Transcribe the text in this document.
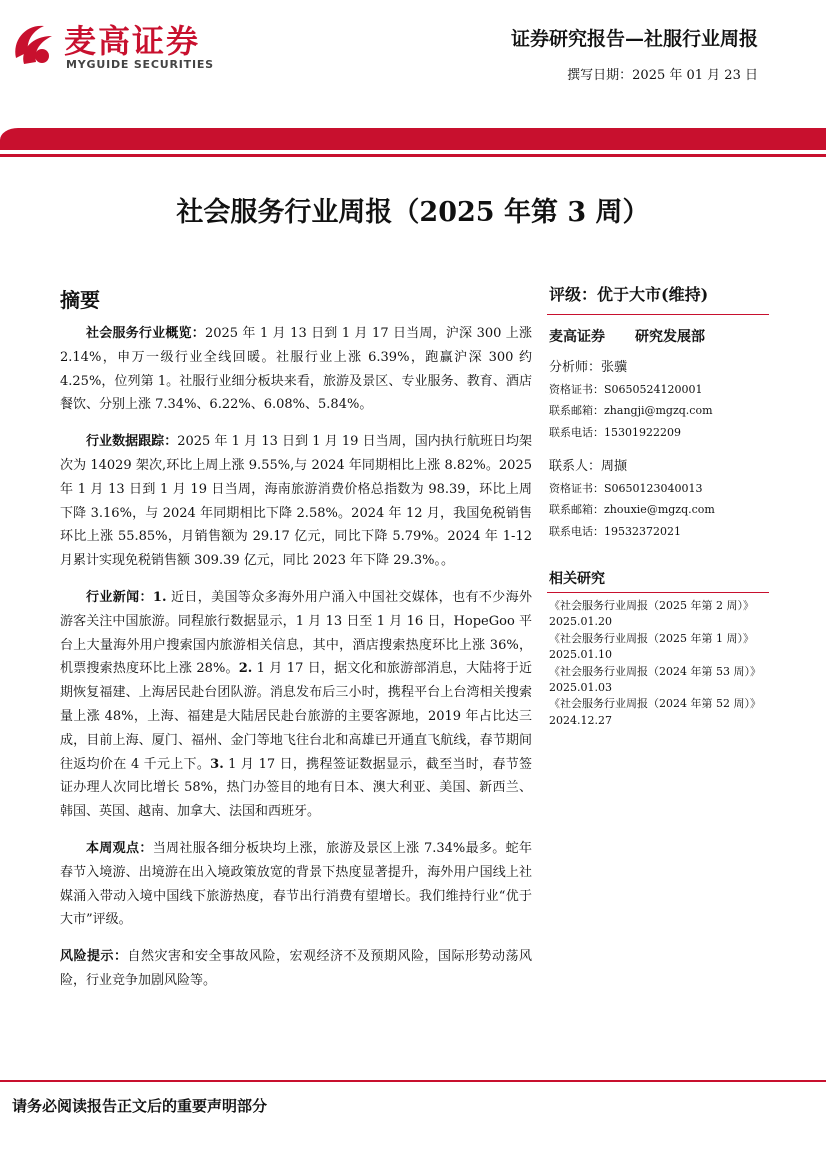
麦高证券
MYGUIDE SECURITIES
证券研究报告—社服行业周报
撰写日期：2025 年 01 月 23 日
社会服务行业周报（2025 年第 3 周）
摘要

社会服务行业概览：2025 年 1 月 13 日到 1 月 17 日当周，沪深 300 上涨 2.14%，申万一级行业全线回暖。社服行业上涨 6.39%，跑赢沪深 300 约 4.25%，位列第 1。社服行业细分板块来看，旅游及景区、专业服务、教育、酒店餐饮、分别上涨 7.34%、6.22%、6.08%、5.84%。

行业数据跟踪：2025 年 1 月 13 日到 1 月 19 日当周，国内执行航班日均架次为 14029 架次,环比上周上涨 9.55%,与 2024 年同期相比上涨 8.82%。2025 年 1 月 13 日到 1 月 19 日当周，海南旅游消费价格总指数为 98.39，环比上周下降 3.16%，与 2024 年同期相比下降 2.58%。2024 年 12 月，我国免税销售环比上涨 55.85%，月销售额为 29.17 亿元，同比下降 5.79%。2024 年 1-12 月累计实现免税销售额 309.39 亿元，同比 2023 年下降 29.3%。。

行业新闻：1. 近日，美国等众多海外用户涌入中国社交媒体，也有不少海外游客关注中国旅游。同程旅行数据显示，1 月 13 日至 1 月 16 日，HopeGoo 平台上大量海外用户搜索国内旅游相关信息，其中，酒店搜索热度环比上涨 36%，机票搜索热度环比上涨 28%。2. 1 月 17 日，据文化和旅游部消息，大陆将于近期恢复福建、上海居民赴台团队游。消息发布后三小时，携程平台上台湾相关搜索量上涨 48%，上海、福建是大陆居民赴台旅游的主要客源地，2019 年占比达三成，目前上海、厦门、福州、金门等地飞往台北和高雄已开通直飞航线，春节期间往返均价在 4 千元上下。3. 1 月 17 日，携程签证数据显示，截至当时，春节签证办理人次同比增长 58%，热门办签目的地有日本、澳大利亚、美国、新西兰、韩国、英国、越南、加拿大、法国和西班牙。

本周观点：当周社服各细分板块均上涨，旅游及景区上涨 7.34%最多。蛇年春节入境游、出境游在出入境政策放宽的背景下热度显著提升，海外用户国线上社媒涌入带动入境中国线下旅游热度，春节出行消费有望增长。我们维持行业“优于大市”评级。

风险提示：自然灾害和安全事故风险，宏观经济不及预期风险，国际形势动荡风险，行业竞争加剧风险等。

评级：优于大市(维持)
麦高证券 研究发展部
分析师：张骥
资格证书：S0650524120001
联系邮箱：zhangji@mgzq.com
联系电话：15301922209
联系人：周撷
资格证书：S0650123040013
联系邮箱：zhouxie@mgzq.com
联系电话：19532372021
相关研究
《社会服务行业周报（2025 年第 2 周）》
2025.01.20
《社会服务行业周报（2025 年第 1 周）》
2025.01.10
《社会服务行业周报（2024 年第 53 周）》
2025.01.03
《社会服务行业周报（2024 年第 52 周）》
2024.12.27
请务必阅读报告正文后的重要声明部分
